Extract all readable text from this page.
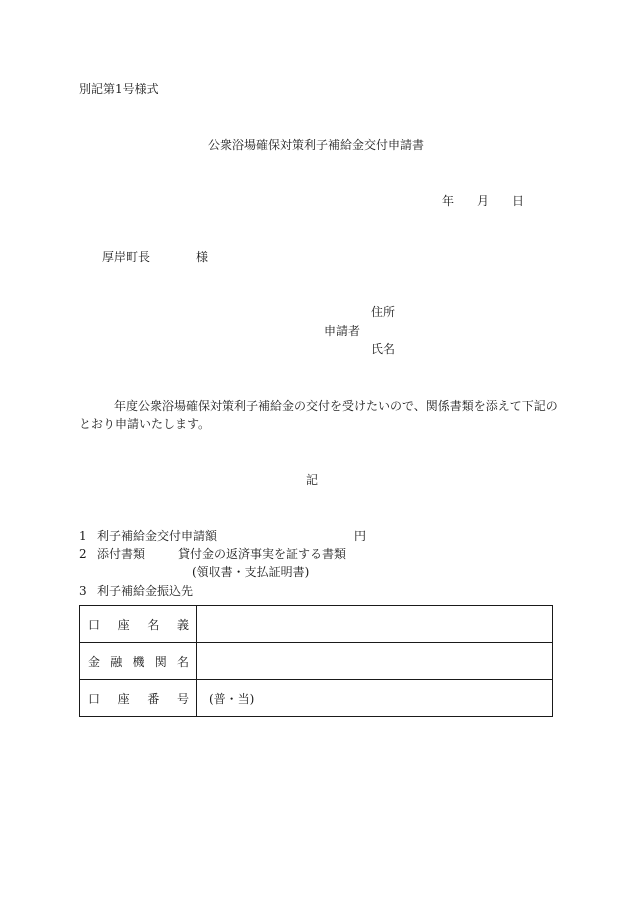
別記第1号様式
公衆浴場確保対策利子補給金交付申請書
年 月 日
厚岸町長	様
住所
申請者
氏名
年度公衆浴場確保対策利子補給金の交付を受けたいので、関係書類を添えて下記の
とおり申請いたします。
記
1 利子補給金交付申請額	円
2 添付書類	貸付金の返済事実を証する書類
(領収書・支払証明書)
3 利子補給金振込先
口 座 名 義	

金 融 機 関 名	

口 座 番 号	(普・当)
